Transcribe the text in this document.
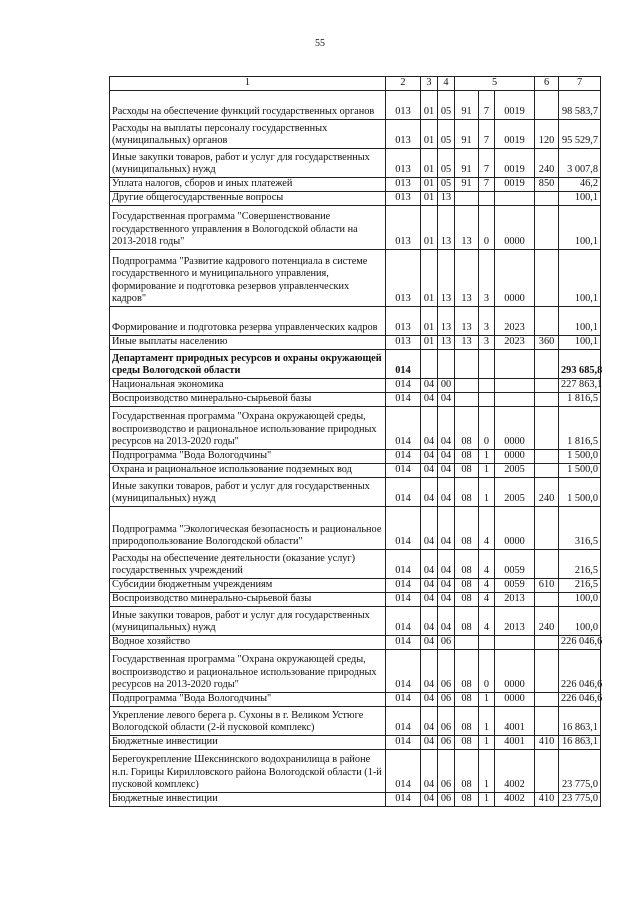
55
1	2	3	4	5			6	7
Расходы на обеспечение функций государственных органов	013	01	05	91	7	0019		98 583,7
Расходы на выплаты персоналу государственных (муниципальных) органов	013	01	05	91	7	0019	120	95 529,7
Иные закупки товаров, работ и услуг для государственных (муниципальных) нужд	013	01	05	91	7	0019	240	3 007,8
Уплата налогов, сборов и иных платежей	013	01	05	91	7	0019	850	46,2
Другие общегосударственные вопросы	013	01	13					100,1
Государственная программа "Совершенствование государственного управления в Вологодской области на 2013-2018 годы"	013	01	13	13	0	0000		100,1
Подпрограмма "Развитие кадрового потенциала в системе государственного и муниципального управления, формирование и подготовка резервов управленческих кадров"	013	01	13	13	3	0000		100,1
Формирование и подготовка резерва управленческих кадров	013	01	13	13	3	2023		100,1
Иные выплаты населению	013	01	13	13	3	2023	360	100,1
Департамент природных ресурсов и охраны окружающей среды Вологодской области	014							293 685,8
Национальная экономика	014	04	00					227 863,1
Воспроизводство минерально-сырьевой базы	014	04	04					1 816,5
Государственная программа "Охрана окружающей среды, воспроизводство и рациональное использование природных ресурсов на 2013-2020 годы"	014	04	04	08	0	0000		1 816,5
Подпрограмма "Вода Вологодчины"	014	04	04	08	1	0000		1 500,0
Охрана и рациональное использование подземных вод	014	04	04	08	1	2005		1 500,0
Иные закупки товаров, работ и услуг для государственных (муниципальных) нужд	014	04	04	08	1	2005	240	1 500,0
Подпрограмма "Экологическая безопасность и рациональное природопользование Вологодской области"	014	04	04	08	4	0000		316,5
Расходы на обеспечение деятельности (оказание услуг) государственных учреждений	014	04	04	08	4	0059		216,5
Субсидии бюджетным учреждениям	014	04	04	08	4	0059	610	216,5
Воспроизводство минерально-сырьевой базы	014	04	04	08	4	2013		100,0
Иные закупки товаров, работ и услуг для государственных (муниципальных) нужд	014	04	04	08	4	2013	240	100,0
Водное хозяйство	014	04	06					226 046,6
Государственная программа "Охрана окружающей среды, воспроизводство и рациональное использование природных ресурсов на 2013-2020 годы"	014	04	06	08	0	0000		226 046,6
Подпрограмма "Вода Вологодчины"	014	04	06	08	1	0000		226 046,6
Укрепление левого берега р. Сухоны в г. Великом Устюге Вологодской области (2-й пусковой комплекс)	014	04	06	08	1	4001		16 863,1
Бюджетные инвестиции	014	04	06	08	1	4001	410	16 863,1
Берегоукрепление Шекснинского водохранилища в районе н.п. Горицы Кирилловского района Вологодской области (1-й пусковой комплекс)	014	04	06	08	1	4002		23 775,0
Бюджетные инвестиции	014	04	06	08	1	4002	410	23 775,0
